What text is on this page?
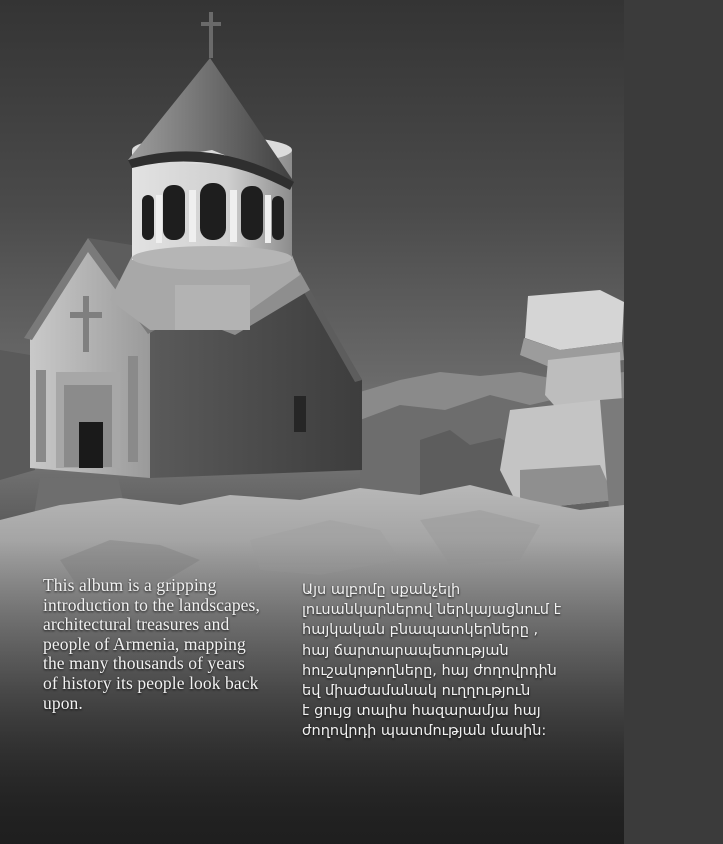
This album is a gripping
introduction to the landscapes,
architectural treasures and
people of Armenia, mapping
the many thousands of years
of history its people look back
upon.
Այս ալբոմը սքանչելի
լուսանկարներով ներկայացնում է
հայկական բնապատկերները ,
հայ ճարտարապետության
հուշակոթողները, հայ ժողովրդին
եվ միաժամանակ ուղղություն
է ցույց տալիս հազարամյա հայ
ժողովրդի պատմության մասին:
